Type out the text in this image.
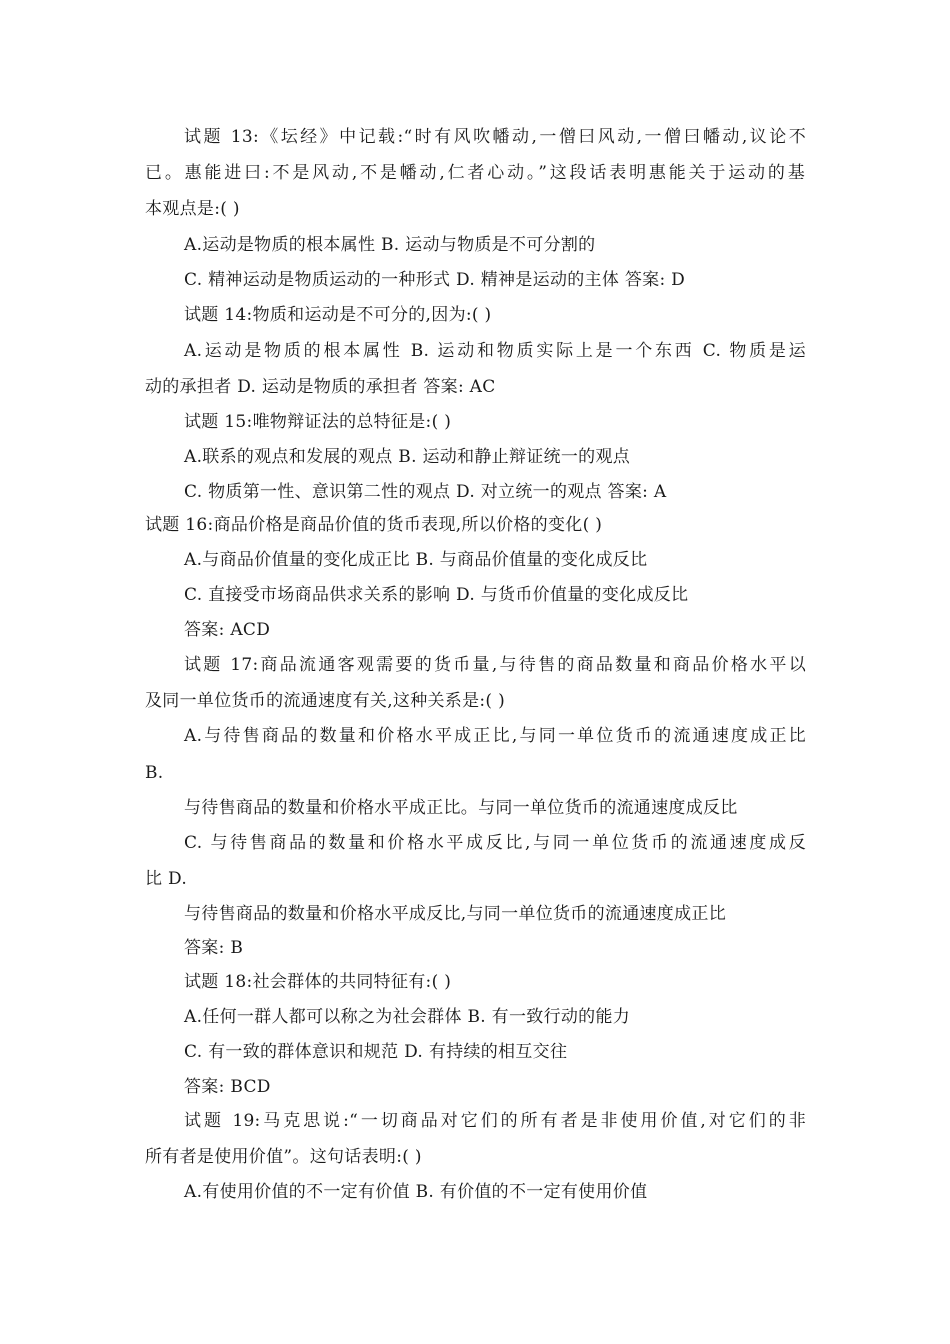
试题 13:《坛经》中记载:“时有风吹幡动,一僧曰风动,一僧曰幡动,议论不
已。惠能进曰:不是风动,不是幡动,仁者心动。”这段话表明惠能关于运动的基
本观点是:( )
A.运动是物质的根本属性 B. 运动与物质是不可分割的
C. 精神运动是物质运动的一种形式 D. 精神是运动的主体 答案: D
试题 14:物质和运动是不可分的,因为:( )
A.运动是物质的根本属性 B. 运动和物质实际上是一个东西 C. 物质是运
动的承担者 D. 运动是物质的承担者 答案: AC
试题 15:唯物辩证法的总特征是:( )
A.联系的观点和发展的观点 B. 运动和静止辩证统一的观点
C. 物质第一性、意识第二性的观点 D. 对立统一的观点 答案: A
试题 16:商品价格是商品价值的货币表现,所以价格的变化( )
A.与商品价值量的变化成正比 B. 与商品价值量的变化成反比
C. 直接受市场商品供求关系的影响 D. 与货币价值量的变化成反比
答案: ACD
试题 17:商品流通客观需要的货币量,与待售的商品数量和商品价格水平以
及同一单位货币的流通速度有关,这种关系是:( )
A.与待售商品的数量和价格水平成正比,与同一单位货币的流通速度成正比
B.
与待售商品的数量和价格水平成正比。与同一单位货币的流通速度成反比
C. 与待售商品的数量和价格水平成反比,与同一单位货币的流通速度成反
比 D.
与待售商品的数量和价格水平成反比,与同一单位货币的流通速度成正比
答案: B
试题 18:社会群体的共同特征有:( )
A.任何一群人都可以称之为社会群体 B. 有一致行动的能力
C. 有一致的群体意识和规范 D. 有持续的相互交往
答案: BCD
试题 19:马克思说:“一切商品对它们的所有者是非使用价值,对它们的非
所有者是使用价值”。这句话表明:( )
A.有使用价值的不一定有价值 B. 有价值的不一定有使用价值
